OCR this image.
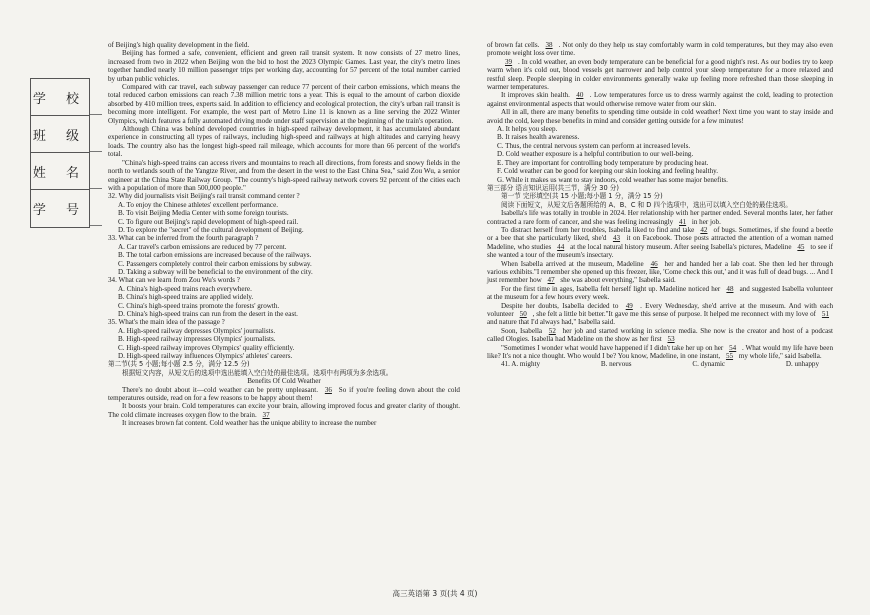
学 校
班 级
姓 名
学 号

of Beijing's high quality development in the field.

Beijing has formed a safe, convenient, efficient and green rail transit system. It now consists of 27 metro lines, increased from two in 2022 when Beijing won the bid to host the 2023 Olympic Games. Last year, the city's metro lines together handled nearly 10 million passenger trips per working day, accounting for 57 percent of the total number carried by urban public vehicles.

Compared with car travel, each subway passenger can reduce 77 percent of their carbon emissions, which means the total reduced carbon emissions can reach 7.38 million metric tons a year. This is equal to the amount of carbon dioxide absorbed by 410 million trees, experts said. In addition to efficiency and ecological protection, the city's urban rail transit is becoming more intelligent. For example, the west part of Metro Line 11 is known as a line serving the 2022 Winter Olympics, which features a fully automated driving mode under staff supervision at the beginning of the train's operation.

Although China was behind developed countries in high-speed railway development, it has accumulated abundant experience in constructing all types of railways, including high-speed and railways at high altitudes and carrying heavy loads. The country also has the longest high-speed rail mileage, which accounts for more than 66 percent of the world's total.

"China's high-speed trains can access rivers and mountains to reach all directions, from forests and snowy fields in the north to wetlands south of the Yangtze River, and from the desert in the west to the East China Sea," said Zou Wu, a senior engineer at the China State Railway Group. "The country's high-speed railway network covers 92 percent of the cities each with a population of more than 500,000 people."

32. Why did journalists visit Beijing's rail transit command center ?

A. To enjoy the Chinese athletes' excellent performance.

B. To visit Beijing Media Center with some foreign tourists.

C. To figure out Beijing's rapid development of high-speed rail.

D. To explore the "secret" of the cultural development of Beijing.

33. What can be inferred from the fourth paragraph ?

A. Car travel's carbon emissions are reduced by 77 percent.

B. The total carbon emissions are increased because of the railways.

C. Passengers completely control their carbon emissions by subway.

D. Taking a subway will be beneficial to the environment of the city.

34. What can we learn from Zou Wu's words ?

A. China's high-speed trains reach everywhere.

B. China's high-speed trains are applied widely.

C. China's high-speed trains promote the forests' growth.

D. China's high-speed trains can run from the desert in the east.

35. What's the main idea of the passage ?

A. High-speed railway depresses Olympics' journalists.

B. High-speed railway impresses Olympics' journalists.

C. High-speed railway improves Olympics' quality efficiently.

D. High-speed railway influences Olympics' athletes' careers.

第二节(共 5 小题;每小题 2.5 分，满分 12.5 分)

根据短文内容，从短文后的选项中选出能填入空白处的最佳选项。选项中有两项为多余选项。

Benefits Of Cold Weather

There's no doubt about it—cold weather can be pretty unpleasant. 36 So if you're feeling down about the cold temperatures outside, read on for a few reasons to be happy about them!

It boosts your brain. Cold temperatures can excite your brain, allowing improved focus and greater clarity of thought. The cold climate increases oxygen flow to the brain. 37

It increases brown fat content. Cold weather has the unique ability to increase the number

of brown fat cells. 38 . Not only do they help us stay comfortably warm in cold temperatures, but they may also even promote weight loss over time.

39 . In cold weather, an even body temperature can be beneficial for a good night's rest. As our bodies try to keep warm when it's cold out, blood vessels get narrower and help control your sleep temperature for a more relaxed and restful sleep. People sleeping in colder environments generally wake up feeling more refreshed than those sleeping in warmer temperatures.

It improves skin health. 40 . Low temperatures force us to dress warmly against the cold, leading to protection against environmental aspects that would otherwise remove water from our skin.

All in all, there are many benefits to spending time outside in cold weather! Next time you want to stay inside and avoid the cold, keep these benefits in mind and consider getting outside for a few minutes!

A. It helps you sleep.

B. It raises health awareness.

C. Thus, the central nervous system can perform at increased levels.

D. Cold weather exposure is a helpful contribution to our well-being.

E. They are important for controlling body temperature by producing heat.

F. Cold weather can be good for keeping our skin looking and feeling healthy.

G. While it makes us want to stay indoors, cold weather has some major benefits.

第三部分 语言知识运用(共三节，满分 30 分)

第一节 完形填空(共 15 小题;每小题 1 分，满分 15 分)

阅读下面短文，从短文后各题所给的 A、B、C 和 D 四个选项中，选出可以填入空白处的最佳选项。

Isabella's life was totally in trouble in 2024. Her relationship with her partner ended. Several months later, her father contracted a rare form of cancer, and she was feeling increasingly 41 in her job.

To distract herself from her troubles, Isabella liked to find and take 42 of bugs. Sometimes, if she found a beetle or a bee that she particularly liked, she'd 43 it on Facebook. Those posts attracted the attention of a woman named Madeline, who studies 44 at the local natural history museum. After seeing Isabella's pictures, Madeline 45 to see if she wanted a tour of the museum's insectary.

When Isabella arrived at the museum, Madeline 46 her and handed her a lab coat. She then led her through various exhibits."I remember she opened up this freezer, like, 'Come check this out,' and it was full of dead bugs. ... And I just remember how 47 she was about everything," Isabella said.

For the first time in ages, Isabella felt herself light up. Madeline noticed her 48 and suggested Isabella volunteer at the museum for a few hours every week.

Despite her doubts, Isabella decided to 49 . Every Wednesday, she'd arrive at the museum. And with each volunteer 50 , she felt a little bit better."It gave me this sense of purpose. It helped me reconnect with my love of 51 and nature that I'd always had," Isabella said.

Soon, Isabella 52 her job and started working in science media. She now is the creator and host of a podcast called Ologies. Isabella had Madeline on the show as her first 53

"Sometimes I wonder what would have happened if I didn't take her up on her 54 . What would my life have been like? It's not a nice thought. Who would I be? You know, Madeline, in one instant, 55 my whole life," said Isabella.

41. A. mighty	B. nervous	C. dynamic	D. unhappy
高三英语第 3 页(共 4 页)
